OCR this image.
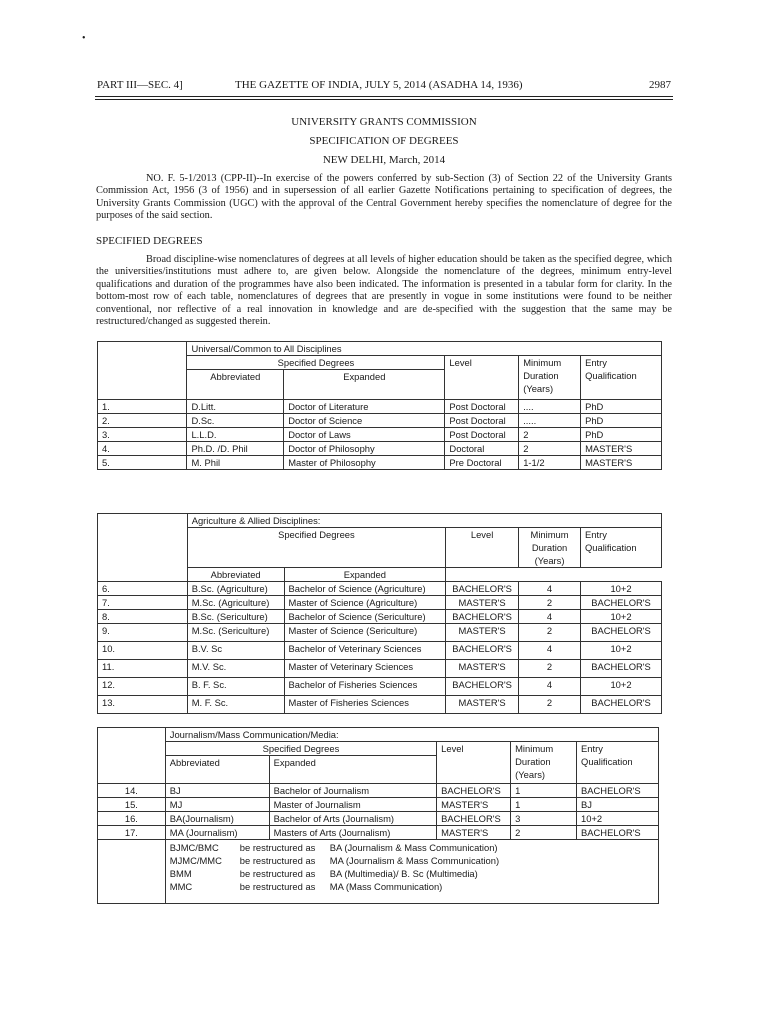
•
PART III—SEC. 4]	THE GAZETTE OF INDIA, JULY 5, 2014 (ASADHA 14, 1936)	2987
UNIVERSITY GRANTS COMMISSION
SPECIFICATION OF DEGREES
NEW DELHI, March, 2014
NO. F. 5-1/2013 (CPP-II)--In exercise of the powers conferred by sub-Section (3) of Section 22 of the University Grants Commission Act, 1956 (3 of 1956) and in supersession of all earlier Gazette Notifications pertaining to specification of degrees, the University Grants Commission (UGC) with the approval of the Central Government hereby specifies the nomenclature of degree for the purposes of the said section.
SPECIFIED DEGREES
Broad discipline-wise nomenclatures of degrees at all levels of higher education should be taken as the specified degree, which the universities/institutions must adhere to, are given below. Alongside the nomenclature of the degrees, minimum entry-level qualifications and duration of the programmes have also been indicated. The information is presented in a tabular form for clarity. In the bottom-most row of each table, nomenclatures of degrees that are presently in vogue in some institutions were found to be neither conventional, nor reflective of a real innovation in knowledge and are de-specified with the suggestion that the same may be restructured/changed as suggested therein.
	Universal/Common to All Disciplines				
	Specified Degrees		Level	Minimum Duration (Years)	Entry Qualification
	Abbreviated	Expanded			
1.	D.Litt.	Doctor of Literature	Post Doctoral	....	PhD
2.	D.Sc.	Doctor of Science	Post Doctoral	.....	PhD
3.	L.L.D.	Doctor of Laws	Post Doctoral	2	PhD
4.	Ph.D. /D. Phil	Doctor of Philosophy	Doctoral	2	MASTER'S
5.	M. Phil	Master of Philosophy	Pre Doctoral	1-1/2	MASTER'S
	Agriculture & Allied Disciplines:				
	Specified Degrees		Level	Minimum Duration (Years)	Entry Qualification
	Abbreviated	Expanded			
6.	B.Sc. (Agriculture)	Bachelor of Science (Agriculture)	BACHELOR'S	4	10+2
7.	M.Sc. (Agriculture)	Master of Science (Agriculture)	MASTER'S	2	BACHELOR'S
8.	B.Sc. (Sericulture)	Bachelor of Science (Sericulture)	BACHELOR'S	4	10+2
9.	M.Sc. (Sericulture)	Master of Science (Sericulture)	MASTER'S	2	BACHELOR'S
10.	B.V. Sc	Bachelor of Veterinary Sciences	BACHELOR'S	4	10+2
11.	M.V. Sc.	Master of Veterinary Sciences	MASTER'S	2	BACHELOR'S
12.	B. F. Sc.	Bachelor of Fisheries Sciences	BACHELOR'S	4	10+2
13.	M. F. Sc.	Master of Fisheries Sciences	MASTER'S	2	BACHELOR'S
	Journalism/Mass Communication/Media:				
	Specified Degrees		Level	Minimum Duration (Years)	Entry Qualification
	Abbreviated	Expanded			
14.	BJ	Bachelor of Journalism	BACHELOR'S	1	BACHELOR'S
15.	MJ	Master of Journalism	MASTER'S	1	BJ
16.	BA(Journalism)	Bachelor of Arts (Journalism)	BACHELOR'S	3	10+2
17.	MA (Journalism)	Masters of Arts (Journalism)	MASTER'S	2	BACHELOR'S

	BJMC/BMC be restructured as BA (Journalism & Mass Communication)
MJMC/MMC be restructured as MA (Journalism & Mass Communication)
BMM be restructured as BA (Multimedia)/ B. Sc (Multimedia)
MMC be restructured as MA (Mass Communication)				
